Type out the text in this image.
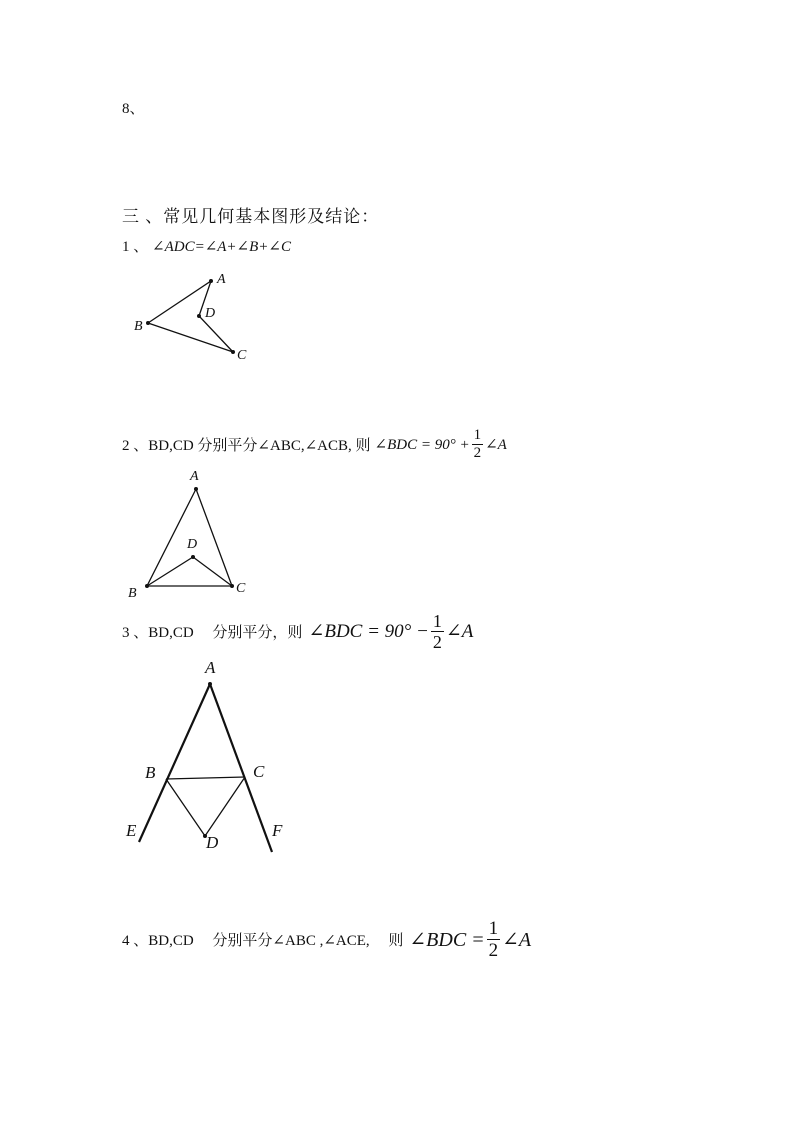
8、
三 、常见几何基本图形及结论：
1 、 ∠ADC=∠A+∠B+∠C
A
B
C
D
2 、BD,CD 分别平分∠ABC,∠ACB, 则 ∠BDC = $90^\circ + \frac{1}{2}$ ∠A
A
B	C
D
3 、BD,CD　 分别平分，则 ∠BDC = $90^\circ - \frac{1}{2}$ ∠A
A
B	C
D
E	F
4 、BD,CD　 分别平分∠ABC ,∠ACE,　 则 ∠BDC = $\frac{1}{2}$ ∠A
